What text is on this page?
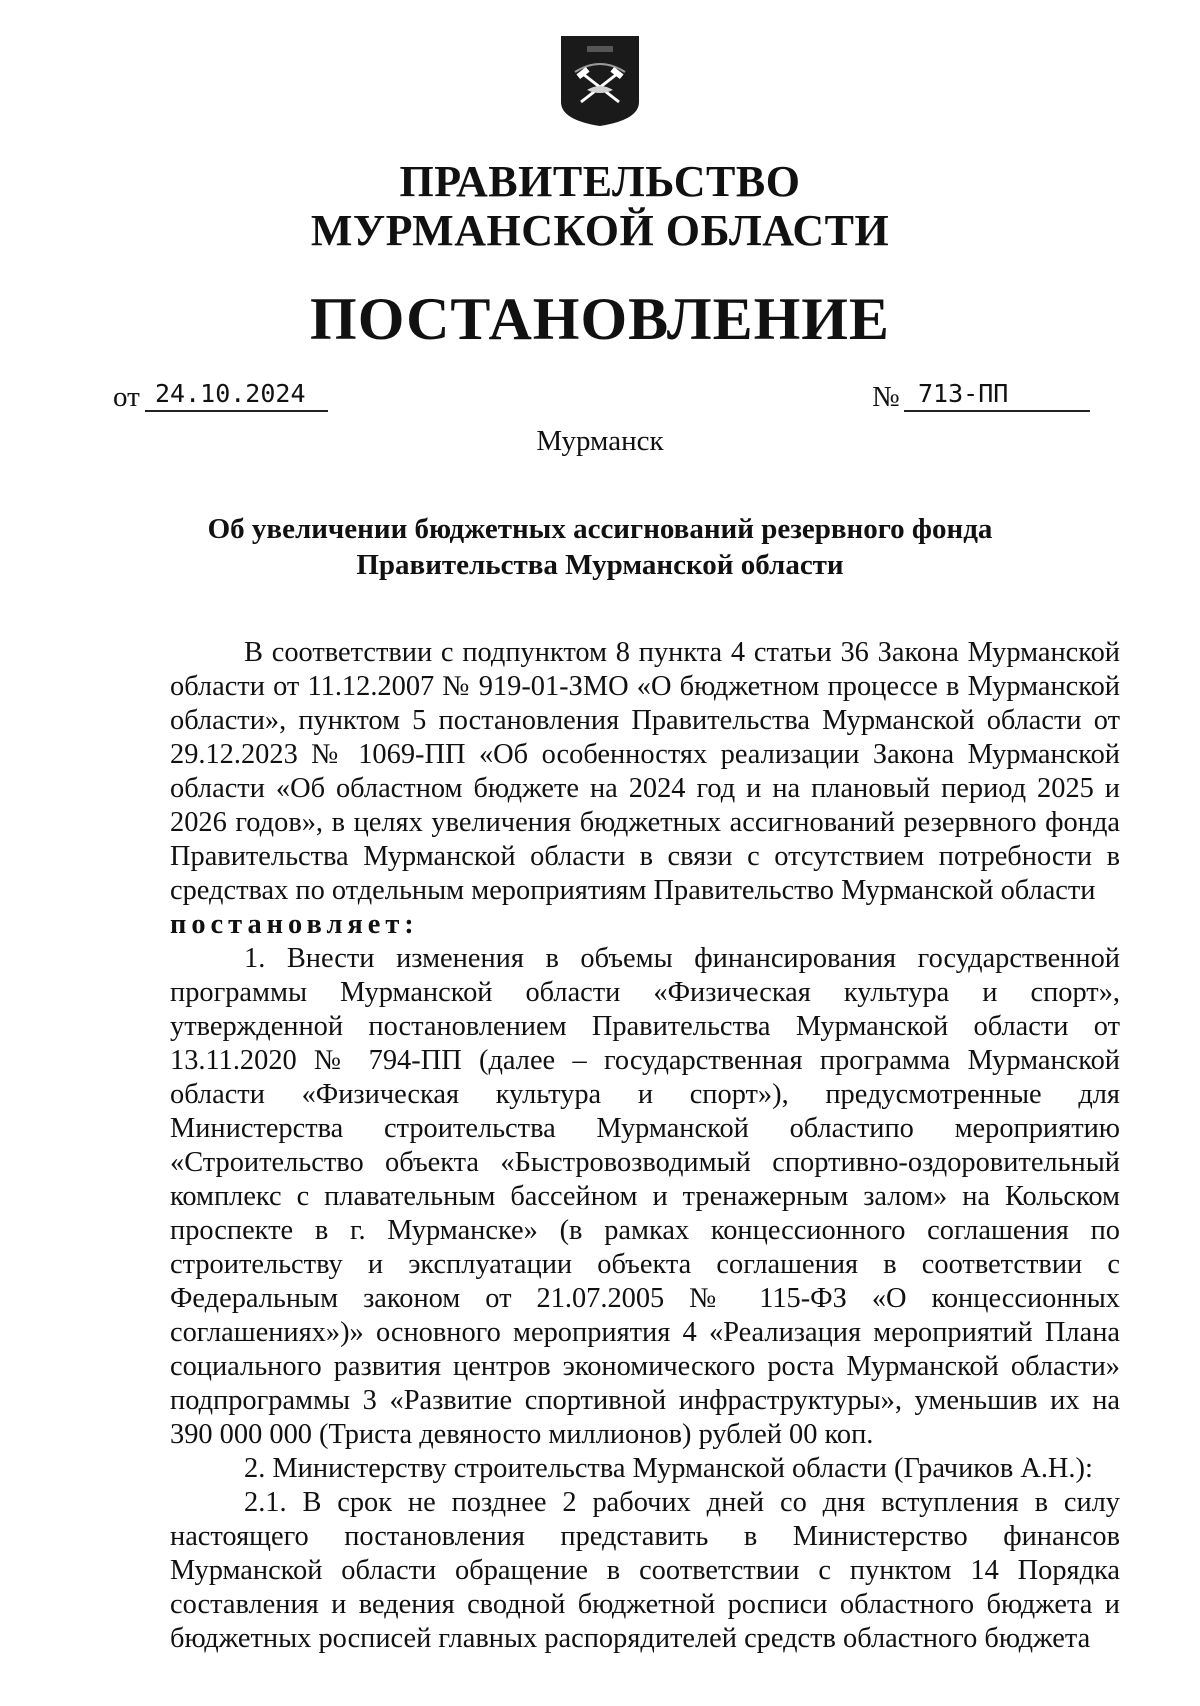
ПРАВИТЕЛЬСТВО
МУРМАНСКОЙ ОБЛАСТИ
ПОСТАНОВЛЕНИЕ
от 24.10.2024	№ 713-ПП
Мурманск
Об увеличении бюджетных ассигнований резервного фонда
Правительства Мурманской области

В соответствии с подпунктом 8 пункта 4 статьи 36 Закона Мурманской области от 11.12.2007 № 919-01-ЗМО «О бюджетном процессе в Мурманской области», пунктом 5 постановления Правительства Мурманской области от 29.12.2023 № 1069-ПП «Об особенностях реализации Закона Мурманской области «Об областном бюджете на 2024 год и на плановый период 2025 и 2026 годов», в целях увеличения бюджетных ассигнований резервного фонда Правительства Мурманской области в связи с отсутствием потребности в средствах по отдельным мероприятиям Правительство Мурманской области

постановляет:

1. Внести изменения в объемы финансирования государственной программы Мурманской области «Физическая культура и спорт», утвержденной постановлением Правительства Мурманской области от 13.11.2020 № 794-ПП (далее – государственная программа Мурманской области «Физическая культура и спорт»), предусмотренные для Министерства строительства Мурманской областипо мероприятию «Строительство объекта «Быстровозводимый спортивно-оздоровительный комплекс с плавательным бассейном и тренажерным залом» на Кольском проспекте в г. Мурманске» (в рамках концессионного соглашения по строительству и эксплуатации объекта соглашения в соответствии с Федеральным законом от 21.07.2005 № 115-ФЗ «О концессионных соглашениях»)» основного мероприятия 4 «Реализация мероприятий Плана социального развития центров экономического роста Мурманской области» подпрограммы 3 «Развитие спортивной инфраструктуры», уменьшив их на 390 000 000 (Триста девяносто миллионов) рублей 00 коп.

2. Министерству строительства Мурманской области (Грачиков А.Н.):

2.1. В срок не позднее 2 рабочих дней со дня вступления в силу настоящего постановления представить в Министерство финансов Мурманской области обращение в соответствии с пунктом 14 Порядка составления и ведения сводной бюджетной росписи областного бюджета и бюджетных росписей главных распорядителей средств областного бюджета
